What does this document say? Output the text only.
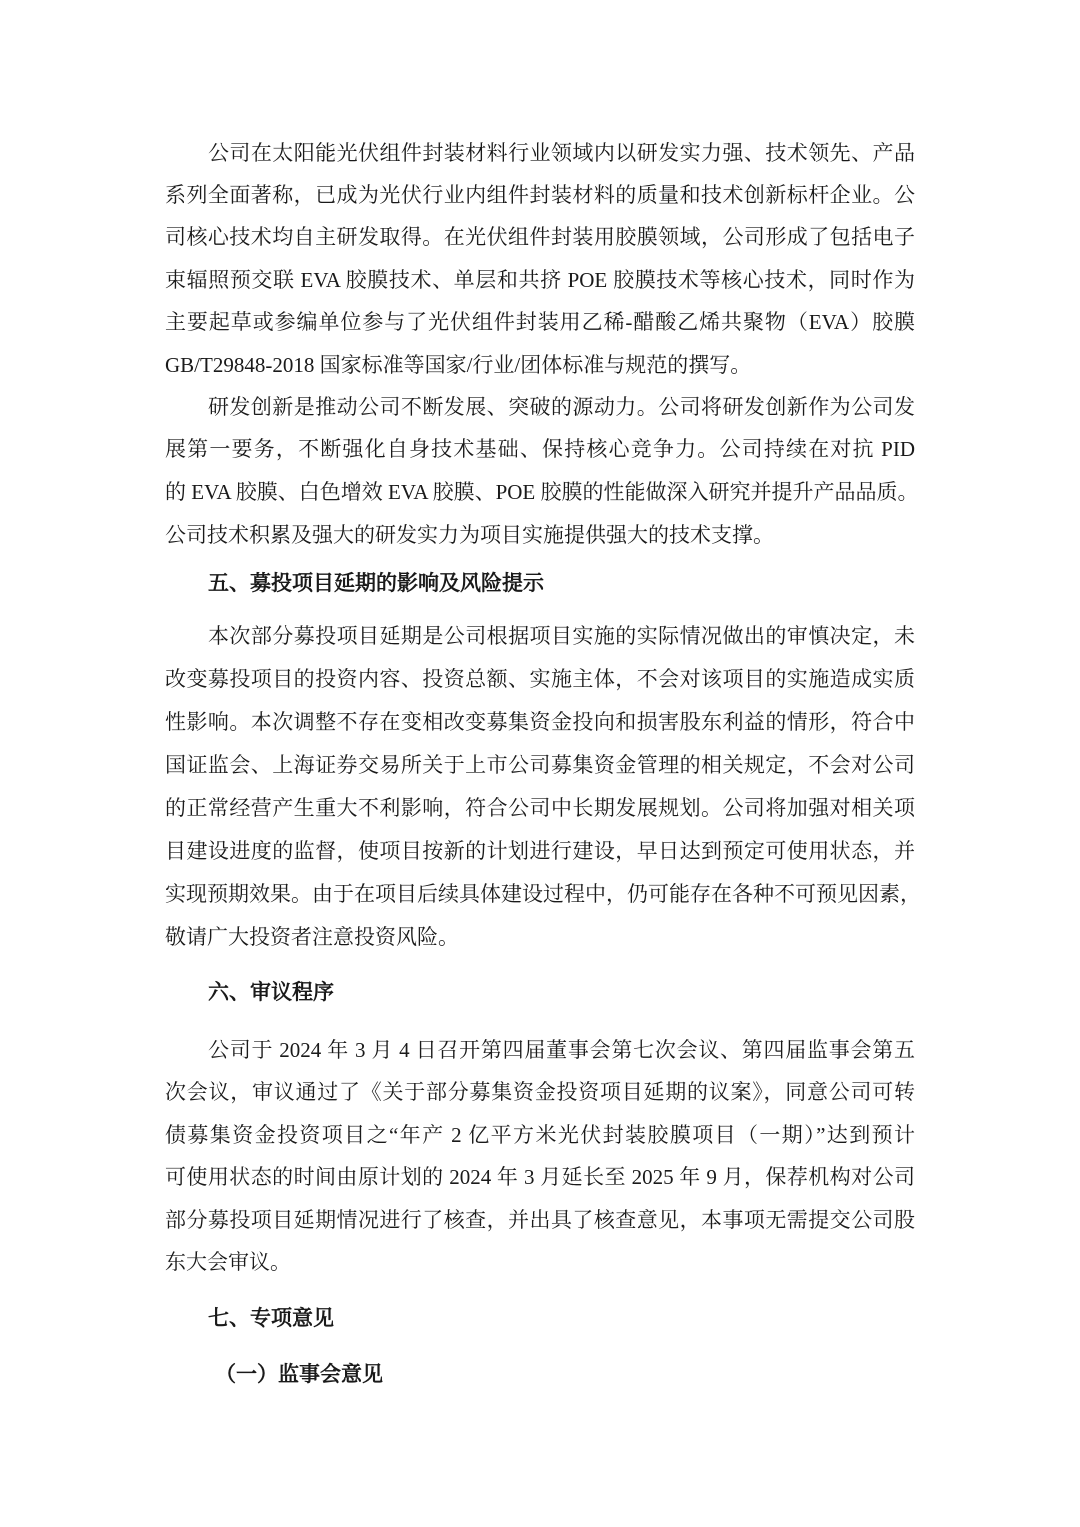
公司在太阳能光伏组件封装材料行业领域内以研发实力强、技术领先、产品
系列全面著称，已成为光伏行业内组件封装材料的质量和技术创新标杆企业。公
司核心技术均自主研发取得。在光伏组件封装用胶膜领域，公司形成了包括电子
束辐照预交联 EVA 胶膜技术、单层和共挤 POE 胶膜技术等核心技术，同时作为
主要起草或参编单位参与了光伏组件封装用乙稀-醋酸乙烯共聚物（EVA）胶膜
GB/T29848-2018 国家标准等国家/行业/团体标准与规范的撰写。
研发创新是推动公司不断发展、突破的源动力。公司将研发创新作为公司发
展第一要务，不断强化自身技术基础、保持核心竞争力。公司持续在对抗 PID
的 EVA 胶膜、白色增效 EVA 胶膜、POE 胶膜的性能做深入研究并提升产品品质。
公司技术积累及强大的研发实力为项目实施提供强大的技术支撑。
五、募投项目延期的影响及风险提示
本次部分募投项目延期是公司根据项目实施的实际情况做出的审慎决定，未
改变募投项目的投资内容、投资总额、实施主体，不会对该项目的实施造成实质
性影响。本次调整不存在变相改变募集资金投向和损害股东利益的情形，符合中
国证监会、上海证券交易所关于上市公司募集资金管理的相关规定，不会对公司
的正常经营产生重大不利影响，符合公司中长期发展规划。公司将加强对相关项
目建设进度的监督，使项目按新的计划进行建设，早日达到预定可使用状态，并
实现预期效果。由于在项目后续具体建设过程中，仍可能存在各种不可预见因素，
敬请广大投资者注意投资风险。
六、审议程序
公司于 2024 年 3 月 4 日召开第四届董事会第七次会议、第四届监事会第五
次会议，审议通过了《关于部分募集资金投资项目延期的议案》，同意公司可转
债募集资金投资项目之“年产 2 亿平方米光伏封装胶膜项目（一期）”达到预计
可使用状态的时间由原计划的 2024 年 3 月延长至 2025 年 9 月，保荐机构对公司
部分募投项目延期情况进行了核查，并出具了核查意见，本事项无需提交公司股
东大会审议。
七、专项意见
（一）监事会意见
